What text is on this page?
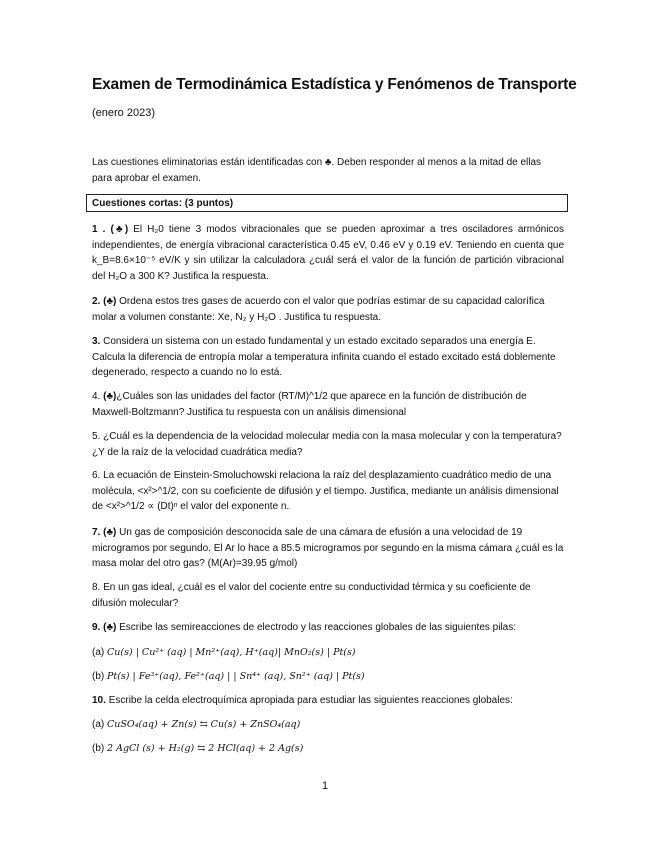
Examen de Termodinámica Estadística y Fenómenos de Transporte
(enero 2023)
Las cuestiones eliminatorias están identificadas con ♣. Deben responder al menos a la mitad de ellas para aprobar el examen.
Cuestiones cortas: (3 puntos)
1 . (♣) El H₂0 tiene 3 modos vibracionales que se pueden aproximar a tres osciladores armónicos independientes, de energía vibracional característica 0.45 eV, 0.46 eV y 0.19 eV. Teniendo en cuenta que k_B=8.6×10⁻⁵ eV/K y sin utilizar la calculadora ¿cuál será el valor de la función de partición vibracional del H₂O a 300 K? Justifica la respuesta.
2. (♣) Ordena estos tres gases de acuerdo con el valor que podrías estimar de su capacidad calorífica molar a volumen constante: Xe, N₂ y H₂O . Justifica tu respuesta.
3. Considera un sistema con un estado fundamental y un estado excitado separados una energía E. Calcula la diferencia de entropía molar a temperatura infinita cuando el estado excitado está doblemente degenerado, respecto a cuando no lo está.
4. (♣)¿Cuáles son las unidades del factor (RT/M)^1/2 que aparece en la función de distribución de Maxwell-Boltzmann? Justifica tu respuesta con un análisis dimensional
5. ¿Cuál es la dependencia de la velocidad molecular media con la masa molecular y con la temperatura? ¿Y de la raíz de la velocidad cuadrática media?
6. La ecuación de Einstein-Smoluchowski relaciona la raíz del desplazamiento cuadrático medio de una molécula, <x²>^1/2, con su coeficiente de difusión y el tiempo. Justifica, mediante un análisis dimensional de <x²>^1/2 ∝ (Dt)ⁿ el valor del exponente n.
7. (♣) Un gas de composición desconocida sale de una cámara de efusión a una velocidad de 19 microgramos por segundo. El Ar lo hace a 85.5 microgramos por segundo en la misma cámara ¿cuál es la masa molar del otro gas? (M(Ar)=39.95 g/mol)
8. En un gas ideal, ¿cuál es el valor del cociente entre su conductividad térmica y su coeficiente de difusión molecular?
9. (♣) Escribe las semireacciones de electrodo y las reacciones globales de las siguientes pilas:
(a) Cu(s) | Cu²⁺ (aq) | Mn²⁺(aq), H⁺(aq)| MnO₂(s) | Pt(s)
(b) Pt(s) | Fe³⁺(aq), Fe²⁺(aq) | | Sn⁴⁺ (aq), Sn²⁺ (aq) | Pt(s)
10. Escribe la celda electroquímica apropiada para estudiar las siguientes reacciones globales:
(a) CuSO₄(aq) + Zn(s) ⇆ Cu(s) + ZnSO₄(aq)
(b) 2 AgCl (s) + H₂(g) ⇆ 2 HCl(aq) + 2 Ag(s)
1
